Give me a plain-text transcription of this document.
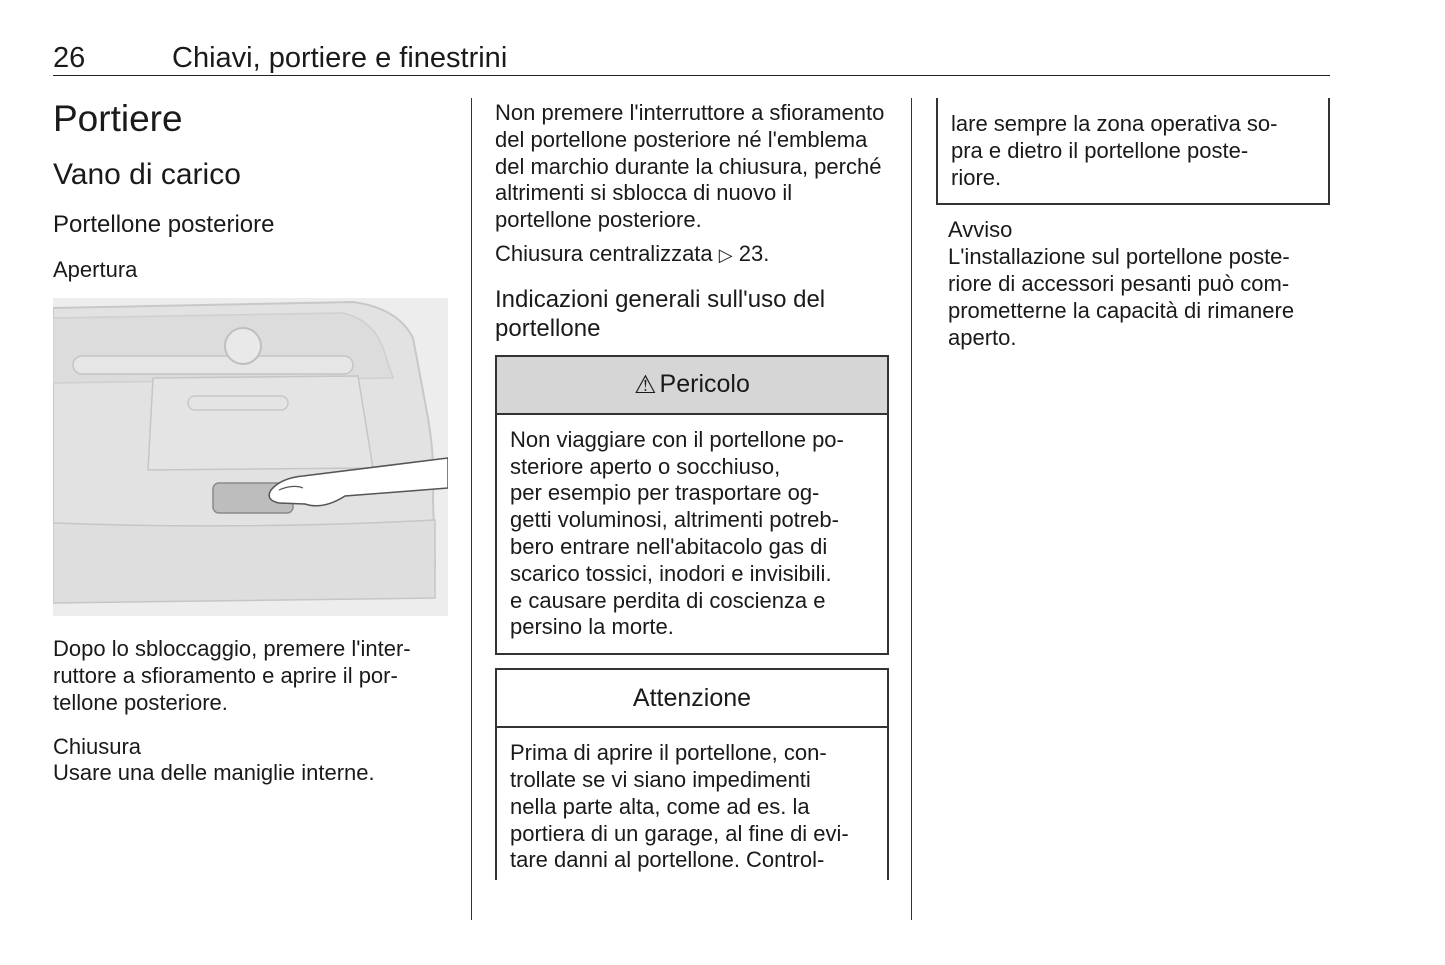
26	Chiavi, portiere e finestrini
Portiere
Vano di carico
Portellone posteriore
Apertura

Dopo lo sbloccaggio, premere l'interruttore a sfioramento e aprire il portellone posteriore.

Chiusura

Usare una delle maniglie interne.

Non premere l'interruttore a sfioramento del portellone posteriore né l'emblema del marchio durante la chiusura, perché altrimenti si sblocca di nuovo il portellone posteriore.

Chiusura centralizzata ▷ 23.

Indicazioni generali sull'uso del portellone
⚠ Pericolo
Non viaggiare con il portellone po-
steriore aperto o socchiuso,
per esempio per trasportare og-
getti voluminosi, altrimenti potreb-
bero entrare nell'abitacolo gas di
scarico tossici, inodori e invisibili.
e causare perdita di coscienza e
persino la morte.
Attenzione
Prima di aprire il portellone, con-
trollate se vi siano impedimenti
nella parte alta, come ad es. la
portiera di un garage, al fine di evi-
tare danni al portellone. Control-
lare sempre la zona operativa so-
pra e dietro il portellone poste-
riore.
Avviso
L'installazione sul portellone poste-
riore di accessori pesanti può com-
prometterne la capacità di rimanere
aperto.
